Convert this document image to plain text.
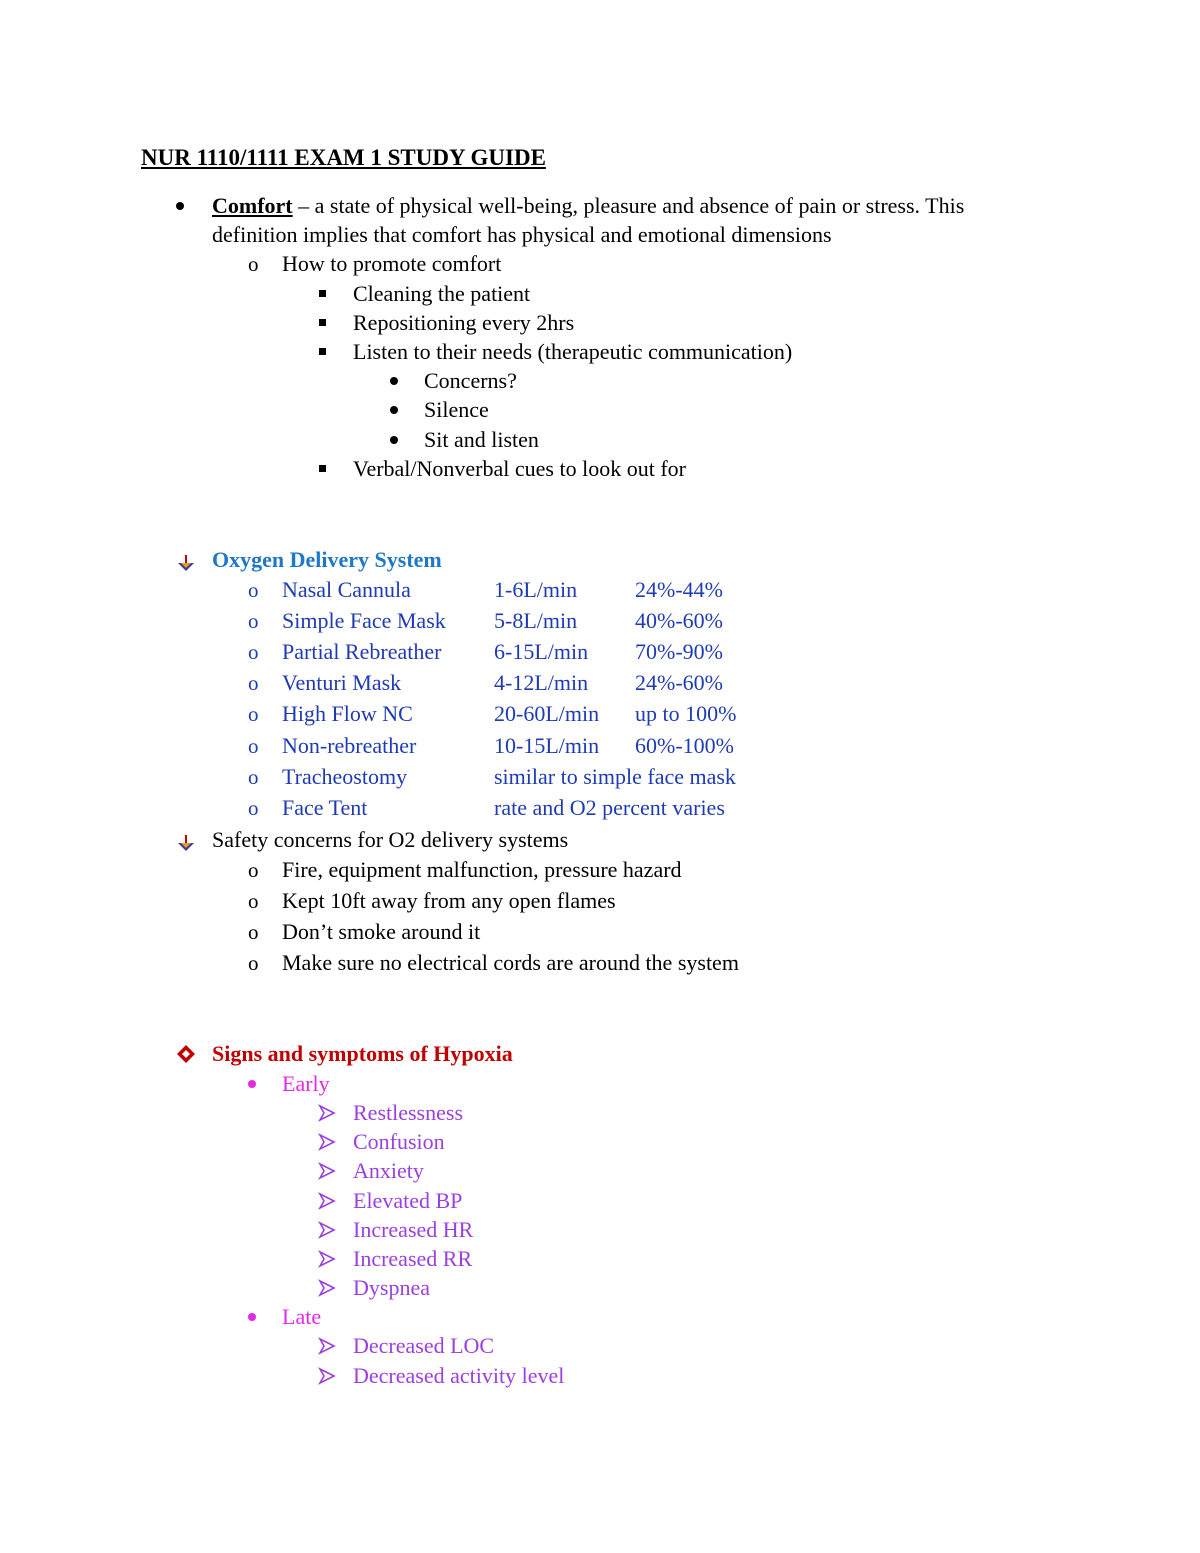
NUR 1110/1111 EXAM 1 STUDY GUIDE
Comfort – a state of physical well-being, pleasure and absence of pain or stress. This
definition implies that comfort has physical and emotional dimensions
o How to promote comfort
Cleaning the patient
Repositioning every 2hrs
Listen to their needs (therapeutic communication)
Concerns?
Silence
Sit and listen
Verbal/Nonverbal cues to look out for
Oxygen Delivery System
o Nasal Cannula	1-6L/min	24%-44%
o Simple Face Mask 5-8L/min	40%-60%
o Partial Rebreather 6-15L/min 70%-90%
o Venturi Mask	4-12L/min 24%-60%
o High Flow NC	20-60L/min up to 100%
o Non-rebreather	10-15L/min 60%-100%
o Tracheostomy	similar to simple face mask
o Face Tent	rate and O2 percent varies
Safety concerns for O2 delivery systems
o Fire, equipment malfunction, pressure hazard
o Kept 10ft away from any open flames
o Don’t smoke around it
o Make sure no electrical cords are around the system
Signs and symptoms of Hypoxia
Early
Restlessness
Confusion
Anxiety
Elevated BP
Increased HR
Increased RR
Dyspnea
Late
Decreased LOC
Decreased activity level
